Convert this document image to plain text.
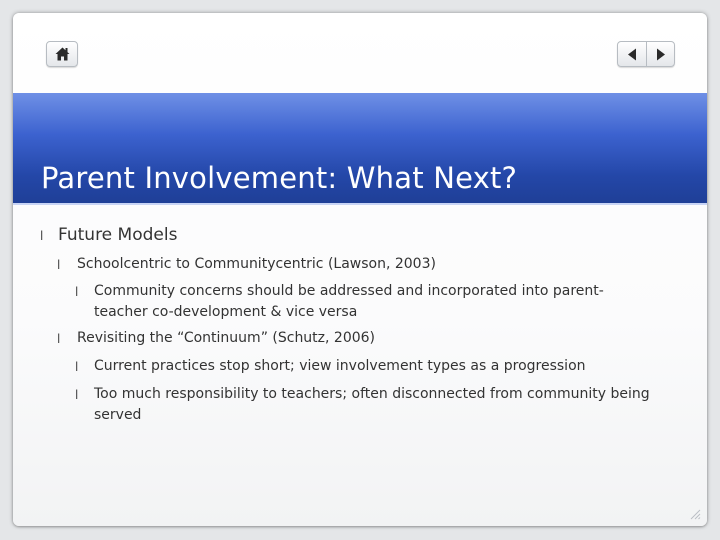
Parent Involvement: What Next?
l Future Models
l Schoolcentric to Communitycentric (Lawson, 2003)
l Community concerns should be addressed and incorporated into parent-
teacher co-development & vice versa
l Revisiting the “Continuum” (Schutz, 2006)
l Current practices stop short; view involvement types as a progression
l Too much responsibility to teachers; often disconnected from community being
served
